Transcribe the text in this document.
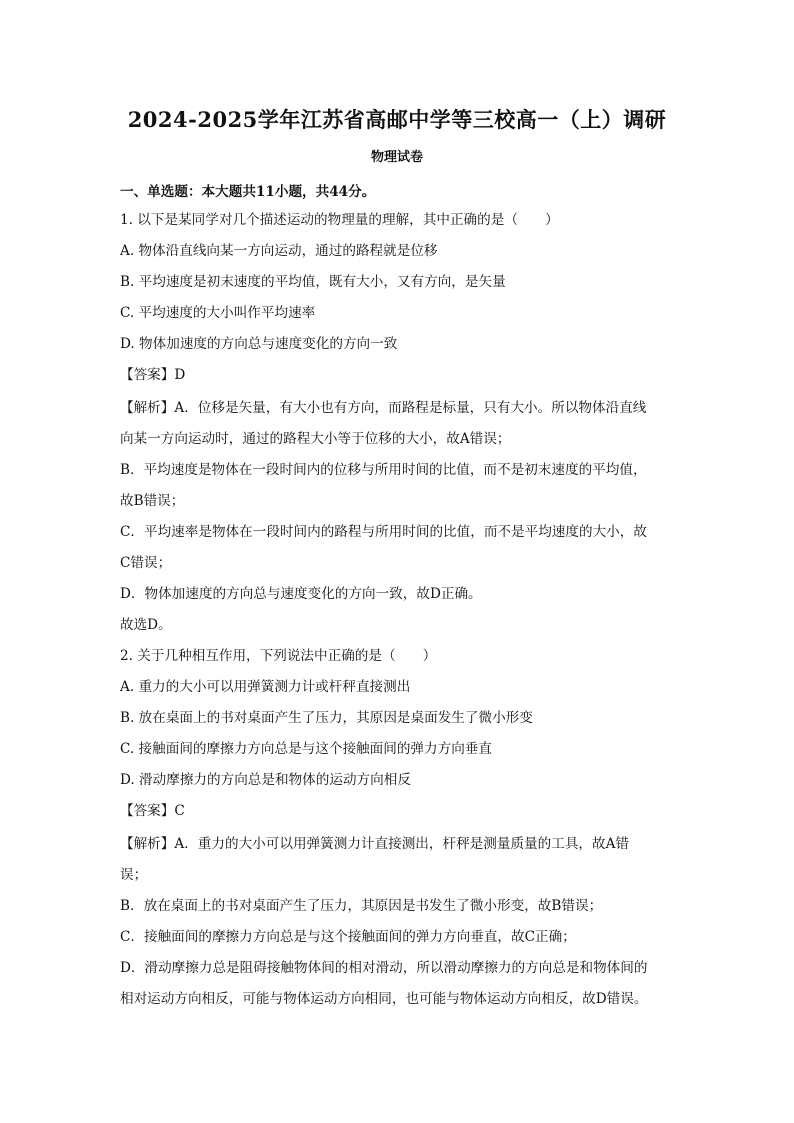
2024-2025学年江苏省高邮中学等三校高一（上）调研
物理试卷
一、单选题：本大题共11小题，共44分。
1. 以下是某同学对几个描述运动的物理量的理解，其中正确的是（　　）
A. 物体沿直线向某一方向运动，通过的路程就是位移
B. 平均速度是初末速度的平均值，既有大小，又有方向，是矢量
C. 平均速度的大小叫作平均速率
D. 物体加速度的方向总与速度变化的方向一致
【答案】D
【解析】A．位移是矢量，有大小也有方向，而路程是标量，只有大小。所以物体沿直线
向某一方向运动时，通过的路程大小等于位移的大小，故A错误；
B．平均速度是物体在一段时间内的位移与所用时间的比值，而不是初末速度的平均值，
故B错误；
C．平均速率是物体在一段时间内的路程与所用时间的比值，而不是平均速度的大小，故
C错误；
D．物体加速度的方向总与速度变化的方向一致，故D正确。
故选D。
2. 关于几种相互作用，下列说法中正确的是（　　）
A. 重力的大小可以用弹簧测力计或杆秤直接测出
B. 放在桌面上的书对桌面产生了压力，其原因是桌面发生了微小形变
C. 接触面间的摩擦力方向总是与这个接触面间的弹力方向垂直
D. 滑动摩擦力的方向总是和物体的运动方向相反
【答案】C
【解析】A．重力的大小可以用弹簧测力计直接测出，杆秤是测量质量的工具，故A错
误；
B．放在桌面上的书对桌面产生了压力，其原因是书发生了微小形变，故B错误；
C．接触面间的摩擦力方向总是与这个接触面间的弹力方向垂直，故C正确；
D．滑动摩擦力总是阻碍接触物体间的相对滑动，所以滑动摩擦力的方向总是和物体间的
相对运动方向相反，可能与物体运动方向相同，也可能与物体运动方向相反，故D错误。
